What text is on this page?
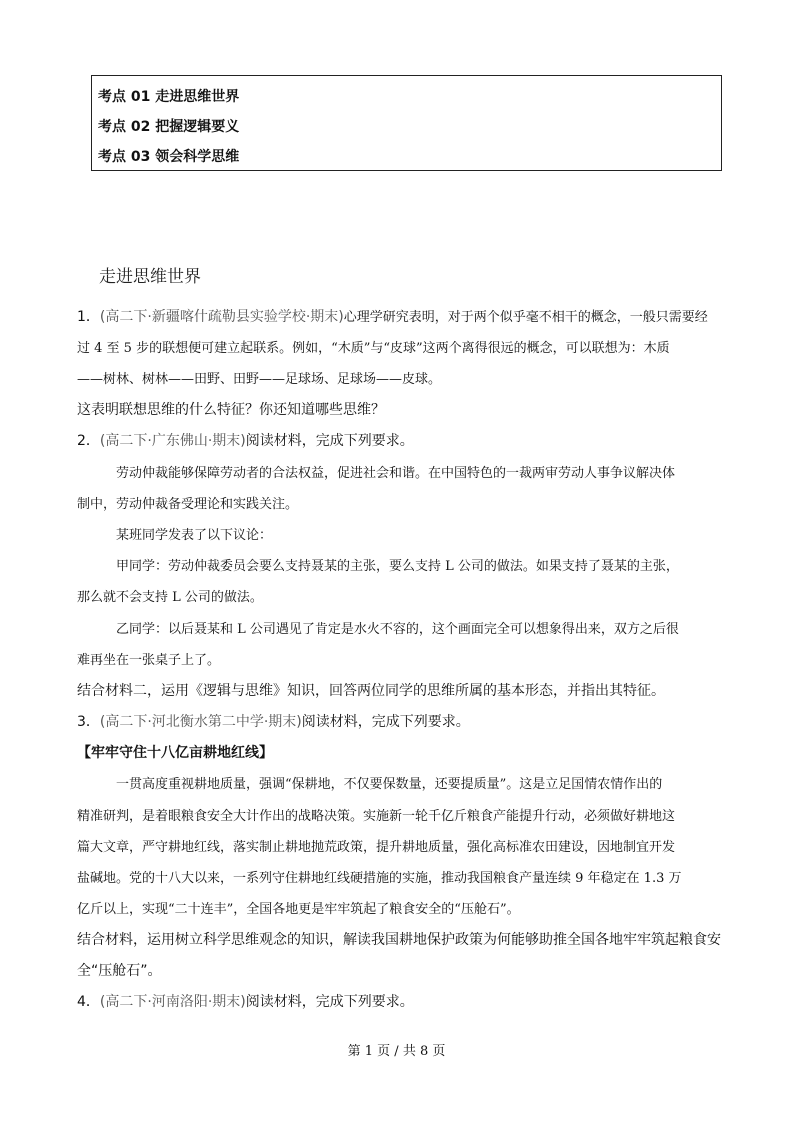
考点 01 走进思维世界
考点 02 把握逻辑要义
考点 03 领会科学思维
走进思维世界
1．(高二下·新疆喀什疏勒县实验学校·期末)心理学研究表明，对于两个似乎毫不相干的概念，一般只需要经
过 4 至 5 步的联想便可建立起联系。例如，“木质”与“皮球”这两个离得很远的概念，可以联想为：木质
——树林、树林——田野、田野——足球场、足球场——皮球。
这表明联想思维的什么特征？你还知道哪些思维？
2．(高二下·广东佛山·期末)阅读材料，完成下列要求。
劳动仲裁能够保障劳动者的合法权益，促进社会和谐。在中国特色的一裁两审劳动人事争议解决体
制中，劳动仲裁备受理论和实践关注。
某班同学发表了以下议论：
甲同学：劳动仲裁委员会要么支持聂某的主张，要么支持 L 公司的做法。如果支持了聂某的主张，
那么就不会支持 L 公司的做法。
乙同学：以后聂某和 L 公司遇见了肯定是水火不容的，这个画面完全可以想象得出来，双方之后很
难再坐在一张桌子上了。
结合材料二，运用《逻辑与思维》知识，回答两位同学的思维所属的基本形态，并指出其特征。
3．(高二下·河北衡水第二中学·期末)阅读材料，完成下列要求。
【牢牢守住十八亿亩耕地红线】
一贯高度重视耕地质量，强调“保耕地，不仅要保数量，还要提质量”。这是立足国情农情作出的
精准研判，是着眼粮食安全大计作出的战略决策。实施新一轮千亿斤粮食产能提升行动，必须做好耕地这
篇大文章，严守耕地红线，落实制止耕地抛荒政策，提升耕地质量，强化高标准农田建设，因地制宜开发
盐碱地。党的十八大以来，一系列守住耕地红线硬措施的实施，推动我国粮食产量连续 9 年稳定在 1.3 万
亿斤以上，实现“二十连丰”，全国各地更是牢牢筑起了粮食安全的“压舱石”。
结合材料，运用树立科学思维观念的知识，解读我国耕地保护政策为何能够助推全国各地牢牢筑起粮食安
全“压舱石”。
4．(高二下·河南洛阳·期末)阅读材料，完成下列要求。
第 1 页 / 共 8 页
